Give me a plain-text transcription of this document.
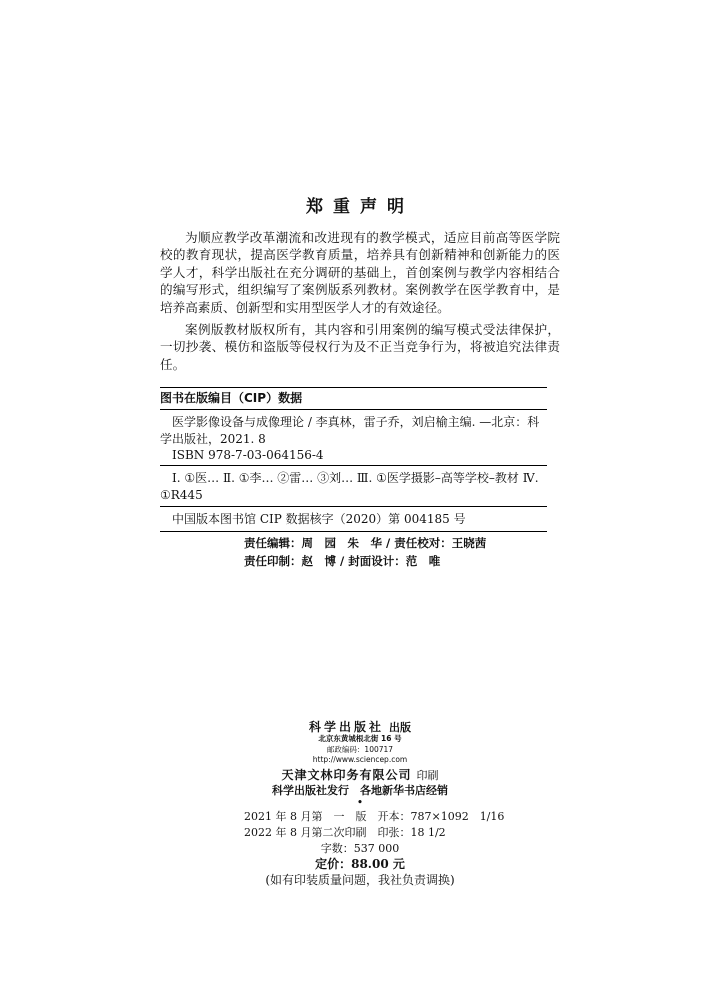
郑重声明
为顺应教学改革潮流和改进现有的教学模式，适应目前高等医学院校的教育现状，提高医学教育质量，培养具有创新精神和创新能力的医学人才，科学出版社在充分调研的基础上，首创案例与教学内容相结合的编写形式，组织编写了案例版系列教材。案例教学在医学教育中，是培养高素质、创新型和实用型医学人才的有效途径。
案例版教材版权所有，其内容和引用案例的编写模式受法律保护，一切抄袭、模仿和盗版等侵权行为及不正当竞争行为，将被追究法律责任。
图书在版编目（CIP）数据
医学影像设备与成像理论 / 李真林，雷子乔，刘启榆主编. —北京：科学出版社，2021. 8
ISBN 978-7-03-064156-4
Ⅰ. ①医… Ⅱ. ①李… ②雷… ③刘… Ⅲ. ①医学摄影–高等学校–教材 Ⅳ. ①R445
中国版本图书馆 CIP 数据核字（2020）第 004185 号
责任编辑：周　园　朱　华 / 责任校对：王晓茜
责任印制：赵　博 / 封面设计：范　唯
科学出版社 出版
北京东黄城根北街 16 号
邮政编码：100717
http://www.sciencep.com
天津文林印务有限公司 印刷
科学出版社发行　各地新华书店经销
•
2021 年 8 月第　一　版　开本：787×1092　1/16
2022 年 8 月第二次印刷　印张：18 1/2
字数：537 000
定价：88.00 元
(如有印装质量问题，我社负责调换)
